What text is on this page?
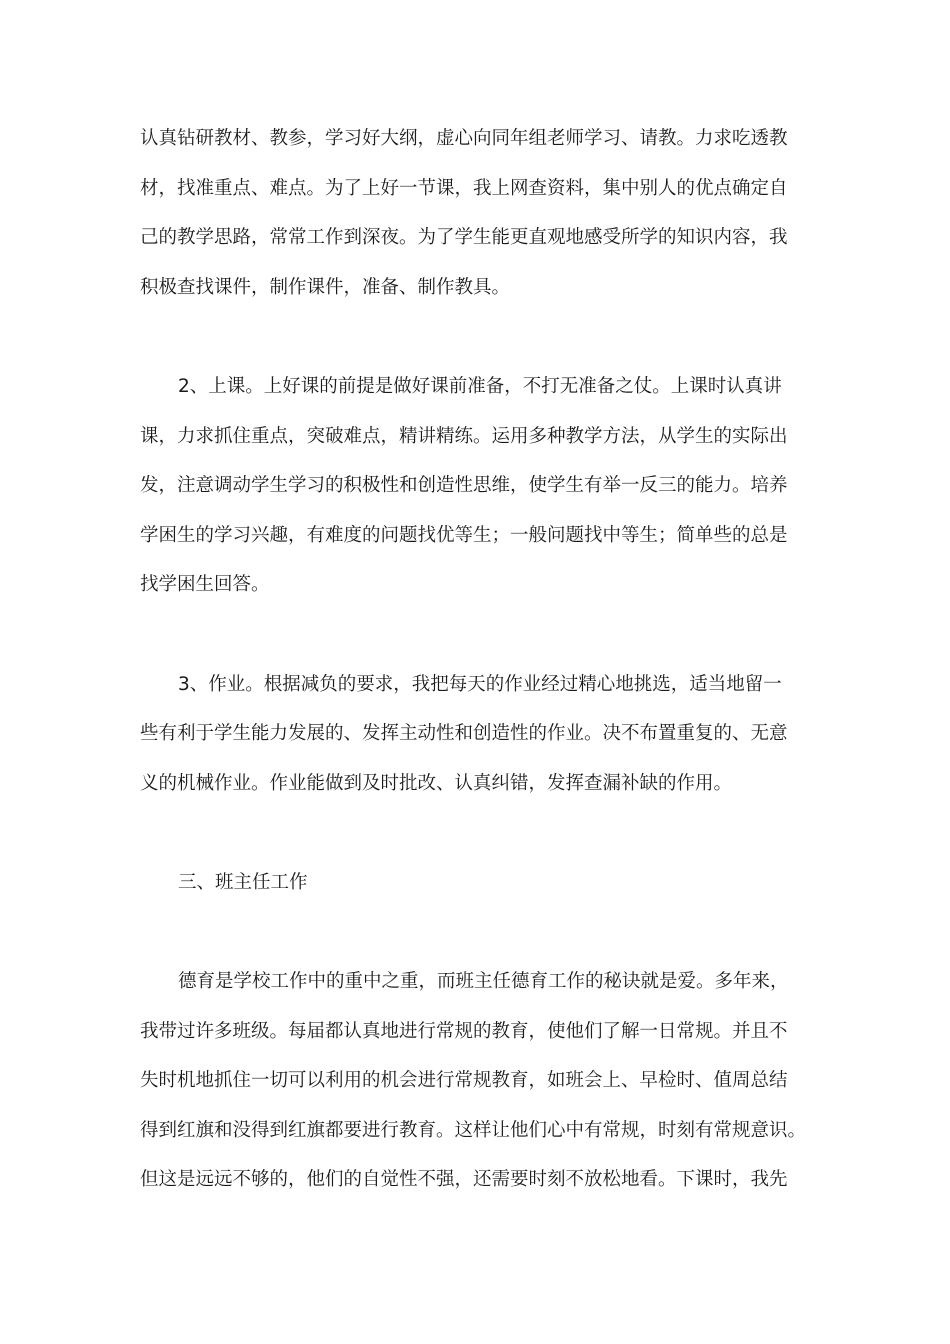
认真钻研教材、教参，学习好大纲，虚心向同年组老师学习、请教。力求吃透教
材，找准重点、难点。为了上好一节课，我上网查资料，集中别人的优点确定自
己的教学思路，常常工作到深夜。为了学生能更直观地感受所学的知识内容，我
积极查找课件，制作课件，准备、制作教具。
2、上课。上好课的前提是做好课前准备，不打无准备之仗。上课时认真讲
课，力求抓住重点，突破难点，精讲精练。运用多种教学方法，从学生的实际出
发，注意调动学生学习的积极性和创造性思维，使学生有举一反三的能力。培养
学困生的学习兴趣，有难度的问题找优等生；一般问题找中等生；简单些的总是
找学困生回答。
3、作业。根据减负的要求，我把每天的作业经过精心地挑选，适当地留一
些有利于学生能力发展的、发挥主动性和创造性的作业。决不布置重复的、无意
义的机械作业。作业能做到及时批改、认真纠错，发挥查漏补缺的作用。
三、班主任工作
德育是学校工作中的重中之重，而班主任德育工作的秘诀就是爱。多年来，
我带过许多班级。每届都认真地进行常规的教育，使他们了解一日常规。并且不
失时机地抓住一切可以利用的机会进行常规教育，如班会上、早检时、值周总结
得到红旗和没得到红旗都要进行教育。这样让他们心中有常规，时刻有常规意识。
但这是远远不够的，他们的自觉性不强，还需要时刻不放松地看。下课时，我先
